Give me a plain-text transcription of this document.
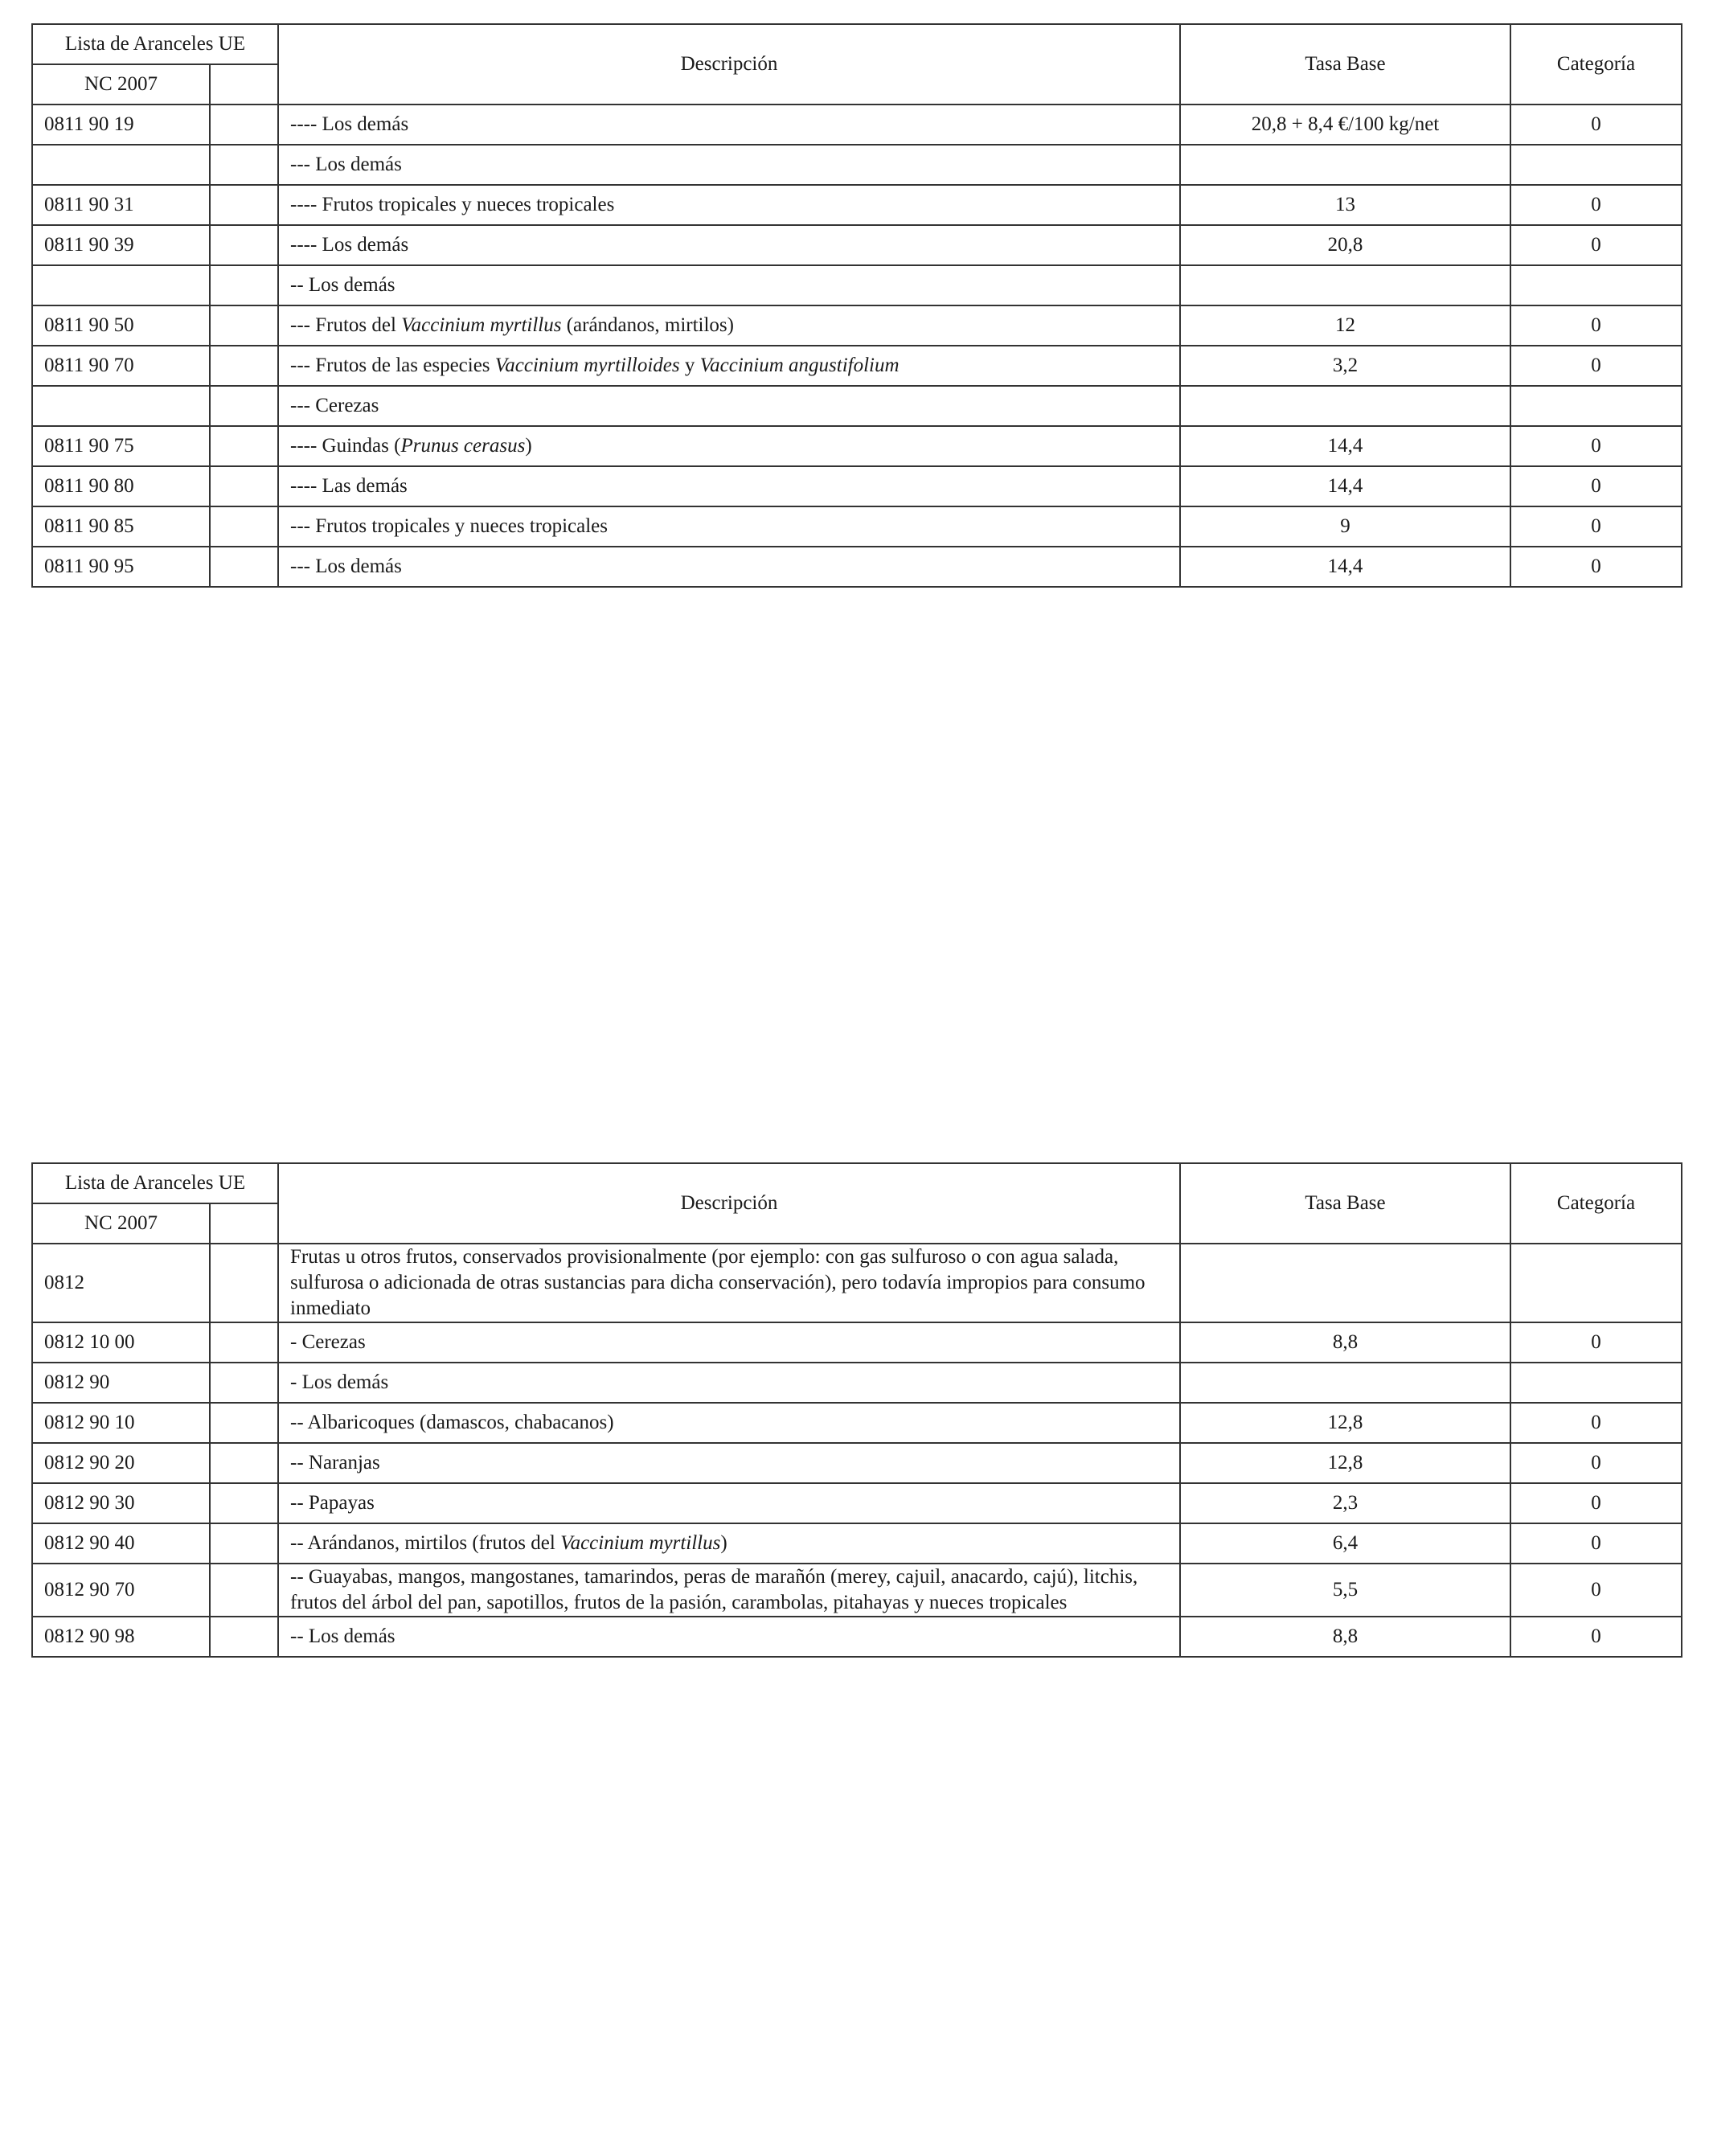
Lista de Aranceles UE		Descripción	Tasa Base	Categoría
NC 2007				
0811 90 19		---- Los demás	20,8 + 8,4 €/100 kg/net	0
		--- Los demás		
0811 90 31		---- Frutos tropicales y nueces tropicales	13	0
0811 90 39		---- Los demás	20,8	0
		-- Los demás		
0811 90 50		--- Frutos del Vaccinium myrtillus (arándanos, mirtilos)	12	0
0811 90 70		--- Frutos de las especies Vaccinium myrtilloides y Vaccinium angustifolium	3,2	0
		--- Cerezas		
0811 90 75		---- Guindas (Prunus cerasus)	14,4	0
0811 90 80		---- Las demás	14,4	0
0811 90 85		--- Frutos tropicales y nueces tropicales	9	0
0811 90 95		--- Los demás	14,4	0
Lista de Aranceles UE		Descripción	Tasa Base	Categoría
NC 2007				
0812		Frutas u otros frutos, conservados provisionalmente (por ejemplo: con gas sulfuroso o con agua salada, sulfurosa o adicionada de otras sustancias para dicha conservación), pero todavía impropios para consumo inmediato		
0812 10 00		- Cerezas	8,8	0
0812 90		- Los demás		
0812 90 10		-- Albaricoques (damascos, chabacanos)	12,8	0
0812 90 20		-- Naranjas	12,8	0
0812 90 30		-- Papayas	2,3	0
0812 90 40		-- Arándanos, mirtilos (frutos del Vaccinium myrtillus)	6,4	0
0812 90 70		-- Guayabas, mangos, mangostanes, tamarindos, peras de marañón (merey, cajuil, anacardo, cajú), litchis, frutos del árbol del pan, sapotillos, frutos de la pasión, carambolas, pitahayas y nueces tropicales	5,5	0
0812 90 98		-- Los demás	8,8	0
